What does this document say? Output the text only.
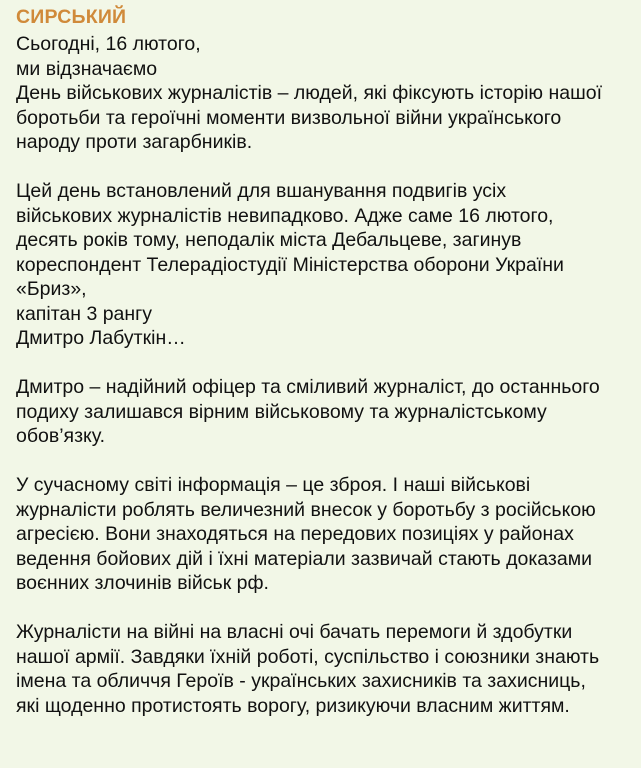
СИРСЬКИЙ
Сьогодні, 16 лютого,
ми відзначаємо
День військових журналістів – людей, які фіксують історію нашої
боротьби та героїчні моменти визвольної війни українського
народу проти загарбників.
Цей день встановлений для вшанування подвигів усіх
військових журналістів невипадково. Адже саме 16 лютого,
десять років тому, неподалік міста Дебальцеве, загинув
кореспондент Телерадіостудії Міністерства оборони України
«Бриз»,
капітан 3 рангу
Дмитро Лабуткін…
Дмитро – надійний офіцер та сміливий журналіст, до останнього
подиху залишався вірним військовому та журналістському
обов’язку.
У сучасному світі інформація – це зброя. І наші військові
журналісти роблять величезний внесок у боротьбу з російською
агресією. Вони знаходяться на передових позиціях у районах
ведення бойових дій і їхні матеріали зазвичай стають доказами
воєнних злочинів військ рф.
Журналісти на війні на власні очі бачать перемоги й здобутки
нашої армії. Завдяки їхній роботі, суспільство і союзники знають
імена та обличчя Героїв - українських захисників та захисниць,
які щоденно протистоять ворогу, ризикуючи власним життям.
